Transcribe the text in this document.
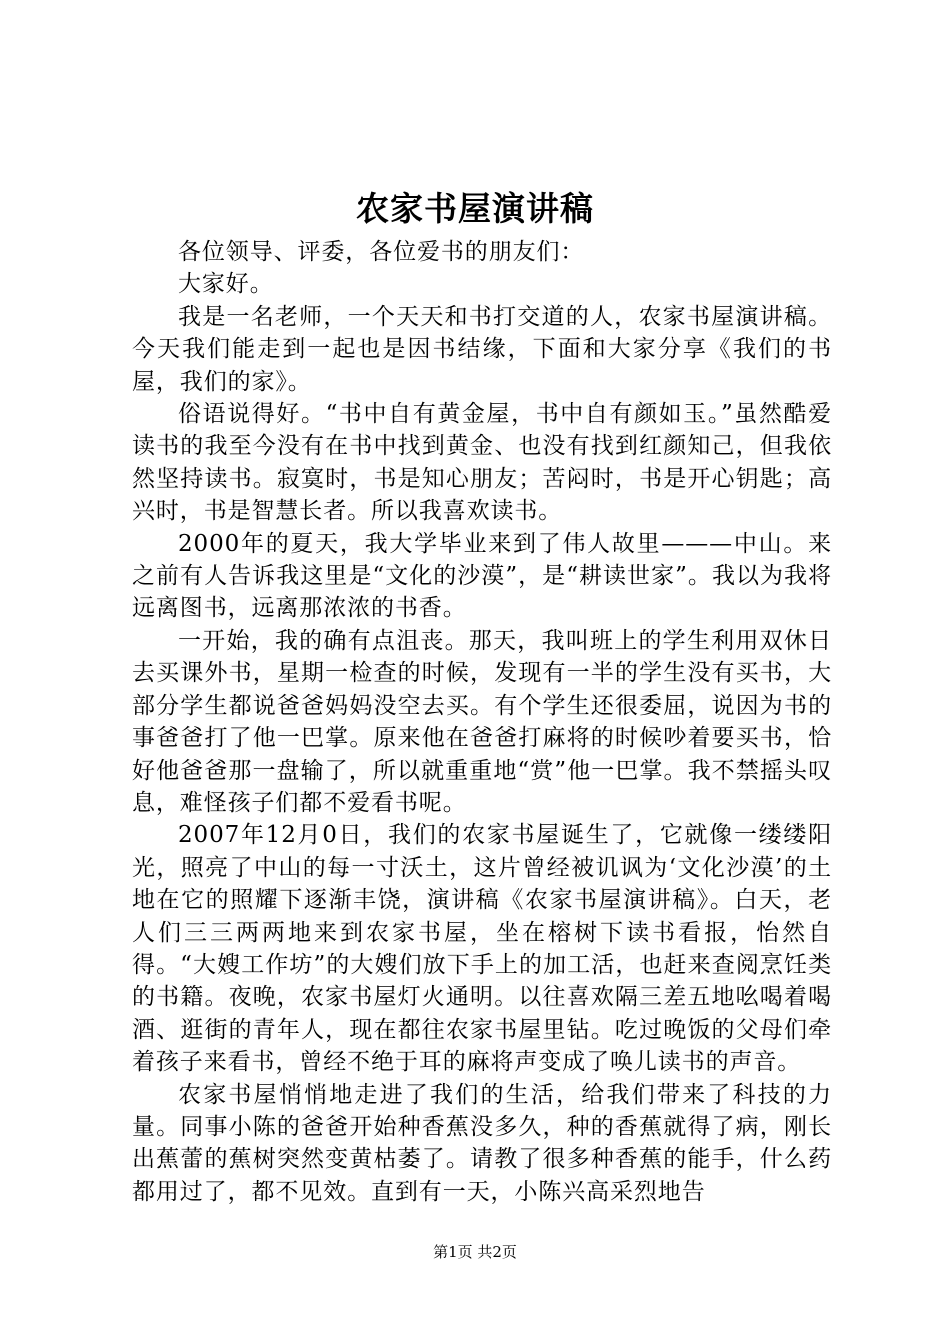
农家书屋演讲稿

各位领导、评委，各位爱书的朋友们：

大家好。

我是一名老师，一个天天和书打交道的人，农家书屋演讲稿。今天我们能走到一起也是因书结缘，下面和大家分享《我们的书屋，我们的家》。

俗语说得好。“书中自有黄金屋，书中自有颜如玉。”虽然酷爱读书的我至今没有在书中找到黄金、也没有找到红颜知己，但我依然坚持读书。寂寞时，书是知心朋友；苦闷时，书是开心钥匙；高兴时，书是智慧长者。所以我喜欢读书。

2000年的夏天，我大学毕业来到了伟人故里———中山。来之前有人告诉我这里是“文化的沙漠”，是“耕读世家”。我以为我将远离图书，远离那浓浓的书香。

一开始，我的确有点沮丧。那天，我叫班上的学生利用双休日去买课外书，星期一检查的时候，发现有一半的学生没有买书，大部分学生都说爸爸妈妈没空去买。有个学生还很委屈，说因为书的事爸爸打了他一巴掌。原来他在爸爸打麻将的时候吵着要买书，恰好他爸爸那一盘输了，所以就重重地“赏”他一巴掌。我不禁摇头叹息，难怪孩子们都不爱看书呢。

2007年12月0日，我们的农家书屋诞生了，它就像一缕缕阳光，照亮了中山的每一寸沃土，这片曾经被讥讽为‘文化沙漠’的土地在它的照耀下逐渐丰饶，演讲稿《农家书屋演讲稿》。白天，老人们三三两两地来到农家书屋，坐在榕树下读书看报，怡然自得。“大嫂工作坊”的大嫂们放下手上的加工活，也赶来查阅烹饪类的书籍。夜晚，农家书屋灯火通明。以往喜欢隔三差五地吆喝着喝酒、逛街的青年人，现在都往农家书屋里钻。吃过晚饭的父母们牵着孩子来看书，曾经不绝于耳的麻将声变成了唤儿读书的声音。

农家书屋悄悄地走进了我们的生活，给我们带来了科技的力量。同事小陈的爸爸开始种香蕉没多久，种的香蕉就得了病，刚长出蕉蕾的蕉树突然变黄枯萎了。请教了很多种香蕉的能手，什么药都用过了，都不见效。直到有一天，小陈兴高采烈地告

第1页 共2页
